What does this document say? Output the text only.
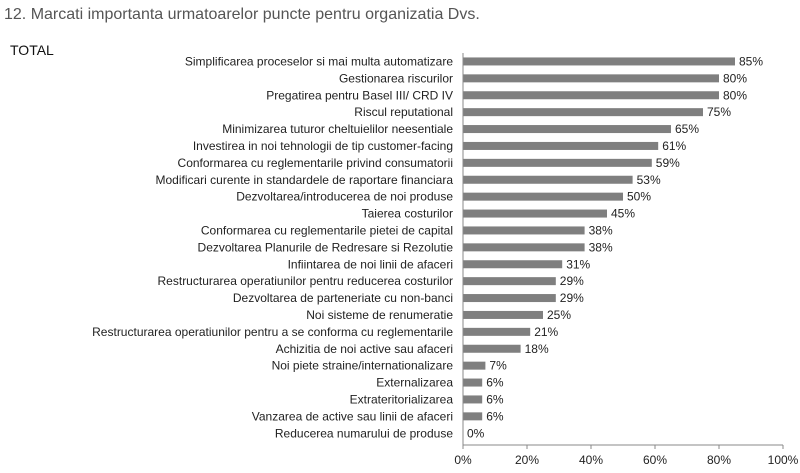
12. Marcati importanta urmatoarelor puncte pentru organizatia Dvs.
TOTAL
Simplificarea proceselor si mai multa automatizare	85%
Gestionarea riscurilor	80%
Pregatirea pentru Basel III/ CRD IV	80%
Riscul reputational	75%
Minimizarea tuturor cheltuielilor neesentiale	65%
Investirea in noi tehnologii de tip customer-facing	61%
Conformarea cu reglementarile privind consumatorii	59%
Modificari curente in standardele de raportare financiara	53%
Dezvoltarea/introducerea de noi produse	50%
Taierea costurilor	45%
Conformarea cu reglementarile pietei de capital	38%
Dezvoltarea Planurile de Redresare si Rezolutie	38%
Infiintarea de noi linii de afaceri	31%
Restructurarea operatiunilor pentru reducerea costurilor	29%
Dezvoltarea de parteneriate cu non-banci	29%
Noi sisteme de renumeratie	25%
Restructurarea operatiunilor pentru a se conforma cu reglementarile	21%
Achizitia de noi active sau afaceri	18%
Noi piete straine/internationalizare	7%
Externalizarea	6%
Extrateritorializarea	6%
Vanzarea de active sau linii de afaceri	6%
Reducerea numarului de produse 0%
0%	20%	40%	60%	80%	100%
